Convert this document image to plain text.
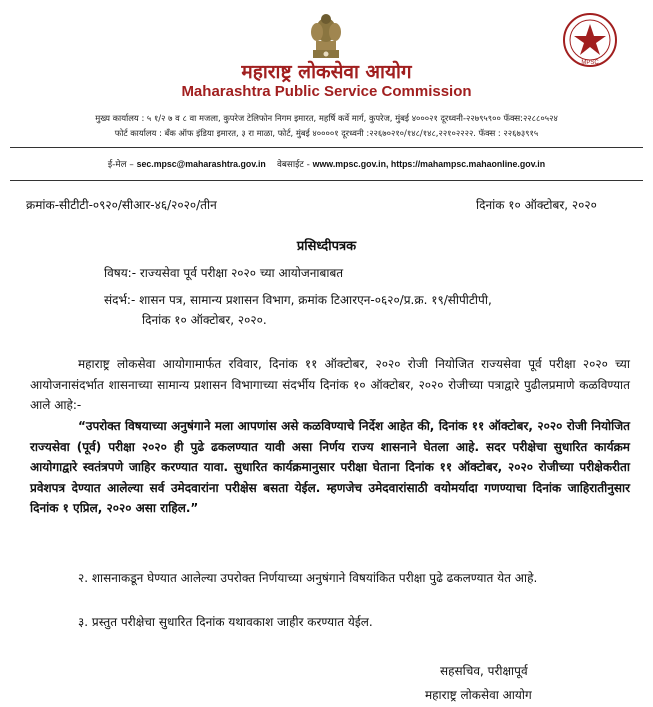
महाराष्ट्र लोकसेवा आयोग
Maharashtra Public Service Commission
MPSC
मुख्य कार्यालय : ५ १/२ ७ व ८ वा मजला, कुपरेज टेलिफोन निगम इमारत, महर्षि कर्वे मार्ग, कुपरेज, मुंबई ४०००२१ दूरध्वनी-२२७९५९०० फॅक्स:२२८८०५२४
फोर्ट कार्यालय : बँक ऑफ इंडिया इमारत, ३ रा माळा, फोर्ट, मुंबई ४००००१ दूरध्वनी :२२६७०२१०/१४८/१४८,२२१०२२२२. फॅक्स : २२६७३९१५
ई-मेल – sec.mpsc@maharashtra.gov.in वेबसाईट - www.mpsc.gov.in, https://mahampsc.mahaonline.gov.in
क्रमांक-सीटीटी-०९२०/सीआर-४६/२०२०/तीन	दिनांक १० ऑक्टोबर, २०२०
प्रसिध्दीपत्रक
विषय:- राज्यसेवा पूर्व परीक्षा २०२० च्या आयोजनाबाबत
संदर्भ:- शासन पत्र, सामान्य प्रशासन विभाग, क्रमांक टिआरएन-०६२०/प्र.क्र. १९/सीपीटीपी,
दिनांक १० ऑक्टोबर, २०२०.
महाराष्ट्र लोकसेवा आयोगामार्फत रविवार, दिनांक ११ ऑक्टोबर, २०२० रोजी नियोजित राज्यसेवा पूर्व परीक्षा २०२० च्या आयोजनासंदर्भात शासनाच्या सामान्य प्रशासन विभागाच्या संदर्भीय दिनांक १० ऑक्टोबर, २०२० रोजीच्या पत्राद्वारे पुढीलप्रमाणे कळविण्यात आले आहे:-
“उपरोक्त विषयाच्या अनुषंगाने मला आपणांस असे कळविण्याचे निर्देश आहेत की, दिनांक ११ ऑक्टोबर, २०२० रोजी नियोजित राज्यसेवा (पूर्व) परीक्षा २०२० ही पुढे ढकलण्यात यावी असा निर्णय राज्य शासनाने घेतला आहे. सदर परीक्षेचा सुधारित कार्यक्रम आयोगाद्वारे स्वतंत्रपणे जाहिर करण्यात यावा. सुधारित कार्यक्रमानुसार परीक्षा घेताना दिनांक ११ ऑक्टोबर, २०२० रोजीच्या परीक्षेकरीता प्रवेशपत्र देण्यात आलेल्या सर्व उमेदवारांना परीक्षेस बसता येईल. म्हणजेच उमेदवारांसाठी वयोमर्यादा गणण्याचा दिनांक जाहिरातीनुसार दिनांक १ एप्रिल, २०२० असा राहिल.”
२. शासनाकडून घेण्यात आलेल्या उपरोक्त निर्णयाच्या अनुषंगाने विषयांकित परीक्षा पुढे ढकलण्यात येत आहे.
३. प्रस्तुत परीक्षेचा सुधारित दिनांक यथावकाश जाहीर करण्यात येईल.
सहसचिव, परीक्षापूर्व
महाराष्ट्र लोकसेवा आयोग
